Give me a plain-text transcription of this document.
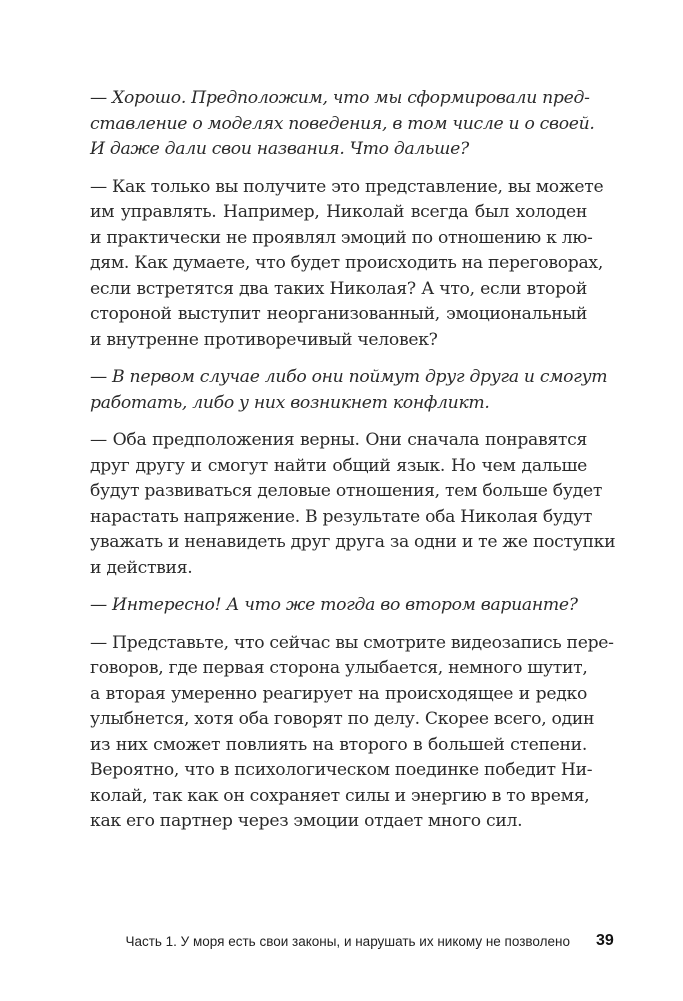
— Хорошо. Предположим, что мы сформировали пред-
ставление о моделях поведения, в том числе и о своей.
И даже дали свои названия. Что дальше?
— Как только вы получите это представление, вы можете
им управлять. Например, Николай всегда был холоден
и практически не проявлял эмоций по отношению к лю-
дям. Как думаете, что будет происходить на переговорах,
если встретятся два таких Николая? А что, если второй
стороной выступит неорганизованный, эмоциональный
и внутренне противоречивый человек?
— В первом случае либо они поймут друг друга и смогут
работать, либо у них возникнет конфликт.
— Оба предположения верны. Они сначала понравятся
друг другу и смогут найти общий язык. Но чем дальше
будут развиваться деловые отношения, тем больше будет
нарастать напряжение. В результате оба Николая будут
уважать и ненавидеть друг друга за одни и те же поступки
и действия.
— Интересно! А что же тогда во втором варианте?
— Представьте, что сейчас вы смотрите видеозапись пере-
говоров, где первая сторона улыбается, немного шутит,
а вторая умеренно реагирует на происходящее и редко
улыбнется, хотя оба говорят по делу. Скорее всего, один
из них сможет повлиять на второго в большей степени.
Вероятно, что в психологическом поединке победит Ни-
колай, так как он сохраняет силы и энергию в то время,
как его партнер через эмоции отдает много сил.
Часть 1. У моря есть свои законы, и нарушать их никому не позволено 39
